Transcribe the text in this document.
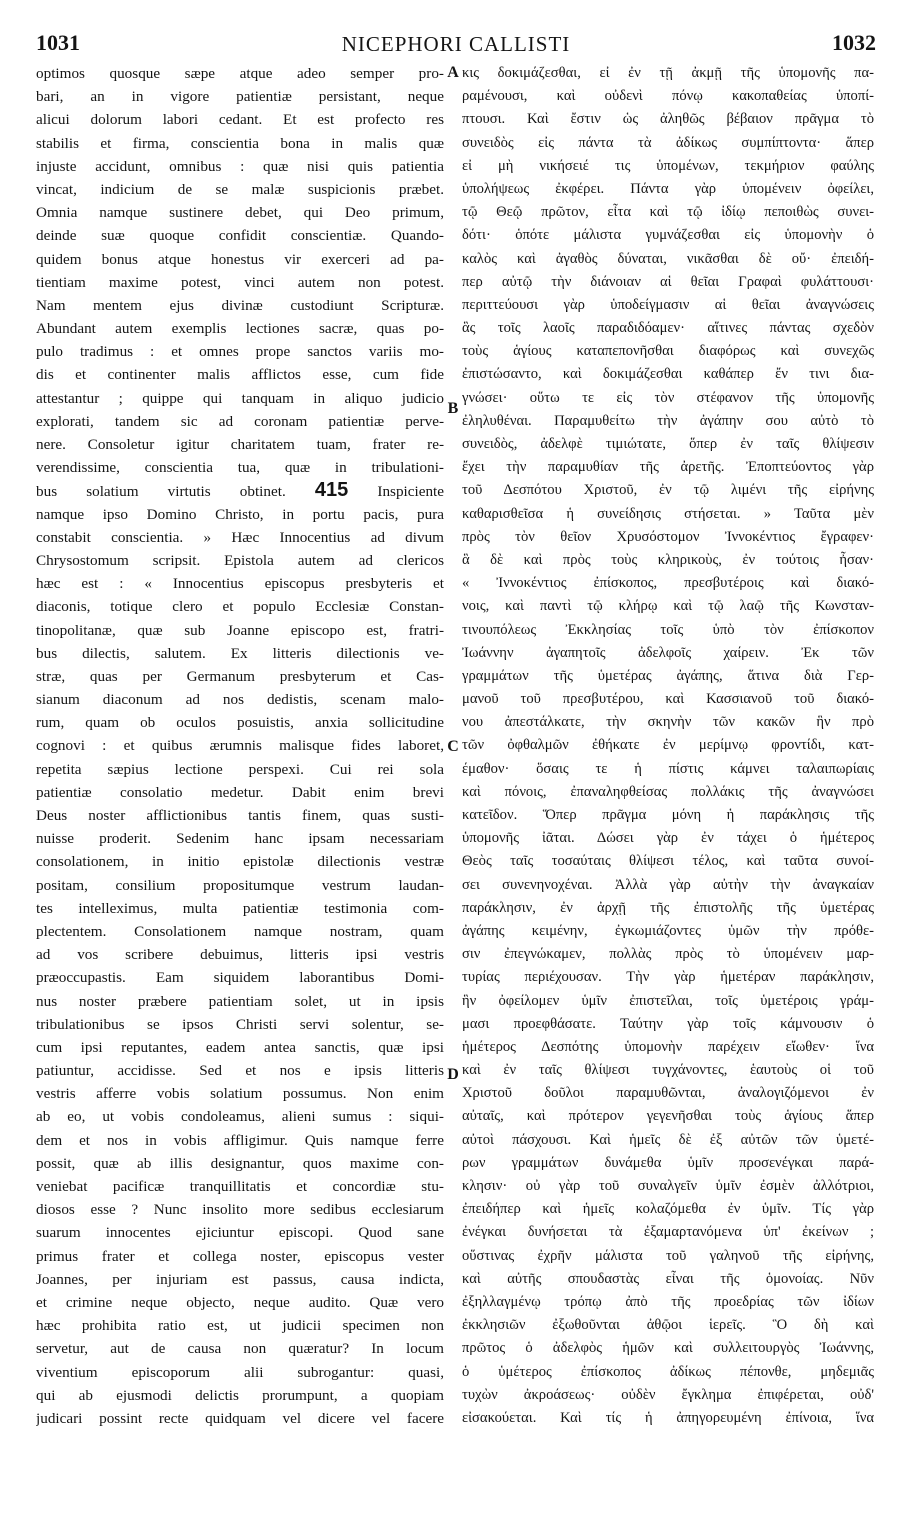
1031	NICEPHORI CALLISTI	1032
optimos quosque sæpe atque adeo semper pro-
bari, an in vigore patientiæ persistant, neque
alicui dolorum labori cedant. Et est profecto res
stabilis et firma, conscientia bona in malis quæ
injuste accidunt, omnibus : quæ nisi quis patientia
vincat, indicium de se malæ suspicionis præbet.
Omnia namque sustinere debet, qui Deo primum,
deinde suæ quoque confidit conscientiæ. Quando-
quidem bonus atque honestus vir exerceri ad pa-
tientiam maxime potest, vinci autem non potest.
Nam mentem ejus divinæ custodiunt Scripturæ.
Abundant autem exemplis lectiones sacræ, quas po-
pulo tradimus : et omnes prope sanctos variis mo-
dis et continenter malis afflictos esse, cum fide
attestantur ; quippe qui tanquam in aliquo judicio
explorati, tandem sic ad coronam patientiæ perve-
nere. Consoletur igitur charitatem tuam, frater re-
verendissime, conscientia tua, quæ in tribulationi-
bus solatium virtutis obtinet. 415 Inspiciente
namque ipso Domino Christo, in portu pacis, pura
constabit conscientia. » Hæc Innocentius ad divum
Chrysostomum scripsit. Epistola autem ad clericos
hæc est : « Innocentius episcopus presbyteris et
diaconis, totique clero et populo Ecclesiæ Constan-
tinopolitanæ, quæ sub Joanne episcopo est, fratri-
bus dilectis, salutem. Ex litteris dilectionis ve-
stræ, quas per Germanum presbyterum et Cas-
sianum diaconum ad nos dedistis, scenam malo-
rum, quam ob oculos posuistis, anxia sollicitudine
cognovi : et quibus ærumnis malisque fides laboret,
repetita sæpius lectione perspexi. Cui rei sola
patientiæ consolatio medetur. Dabit enim brevi
Deus noster afflictionibus tantis finem, quas susti-
nuisse proderit. Sedenim hanc ipsam necessariam
consolationem, in initio epistolæ dilectionis vestræ
positam, consilium propositumque vestrum laudan-
tes intelleximus, multa patientiæ testimonia com-
plectentem. Consolationem namque nostram, quam
ad vos scribere debuimus, litteris ipsi vestris
præoccupastis. Eam siquidem laborantibus Domi-
nus noster præbere patientiam solet, ut in ipsis
tribulationibus se ipsos Christi servi solentur, se-
cum ipsi reputantes, eadem antea sanctis, quæ ipsi
patiuntur, accidisse. Sed et nos e ipsis litteris
vestris afferre vobis solatium possumus. Non enim
ab eo, ut vobis condoleamus, alieni sumus : siqui-
dem et nos in vobis affligimur. Quis namque ferre
possit, quæ ab illis designantur, quos maxime con-
veniebat pacificæ tranquillitatis et concordiæ stu-
diosos esse ? Nunc insolito more sedibus ecclesiarum
suarum innocentes ejiciuntur episcopi. Quod sane
primus frater et collega noster, episcopus vester
Joannes, per injuriam est passus, causa indicta,
et crimine neque objecto, neque audito. Quæ vero
hæc prohibita ratio est, ut judicii specimen non
servetur, aut de causa non quæratur? In locum
viventium episcoporum alii subrogantur: quasi,
qui ab ejusmodi delictis prorumpunt, a quopiam
judicari possint recte quidquam vel dicere vel facere
κις δοκιμάζεσθαι, εἰ ἐν τῇ ἀκμῇ τῆς ὑπομονῆς πα-
ραμένουσι, καὶ οὐδενὶ πόνῳ κακοπαθείας ὑποπί-
πτουσι. Καὶ ἔστιν ὡς ἀληθῶς βέβαιον πρᾶγμα τὸ
συνειδὸς εἰς πάντα τὰ ἀδίκως συμπίπτοντα· ἅπερ
εἰ μὴ νικήσειέ τις ὑπομένων, τεκμήριον φαύλης
ὑπολήψεως ἐκφέρει. Πάντα γὰρ ὑπομένειν ὀφείλει,
τῷ Θεῷ πρῶτον, εἶτα καὶ τῷ ἰδίῳ πεποιθὼς συνει-
δότι· ὁπότε μάλιστα γυμνάζεσθαι εἰς ὑπομονὴν ὁ
καλὸς καὶ ἀγαθὸς δύναται, νικᾶσθαι δὲ οὔ· ἐπειδή-
περ αὐτῷ τὴν διάνοιαν αἱ θεῖαι Γραφαὶ φυλάττουσι·
περιττεύουσι γὰρ ὑποδείγμασιν αἱ θεῖαι ἀναγνώσεις
ἃς τοῖς λαοῖς παραδιδόαμεν· αἵτινες πάντας σχεδὸν
τοὺς ἁγίους καταπεπονῆσθαι διαφόρως καὶ συνεχῶς
ἐπιστώσαντο, καὶ δοκιμάζεσθαι καθάπερ ἔν τινι δια-
γνώσει· οὕτω τε εἰς τὸν στέφανον τῆς ὑπομονῆς
ἐληλυθέναι. Παραμυθείτω τὴν ἀγάπην σου αὐτὸ τὸ
συνειδὸς, ἀδελφὲ τιμιώτατε, ὅπερ ἐν ταῖς θλίψεσιν
ἔχει τὴν παραμυθίαν τῆς ἀρετῆς. Ἐποπτεύοντος γὰρ
τοῦ Δεσπότου Χριστοῦ, ἐν τῷ λιμένι τῆς εἰρήνης
καθαρισθεῖσα ἡ συνείδησις στήσεται. » Ταῦτα μὲν
πρὸς τὸν θεῖον Χρυσόστομον Ἰννοκέντιος ἔγραφεν·
ἃ δὲ καὶ πρὸς τοὺς κληρικοὺς, ἐν τούτοις ἦσαν·
« Ἰννοκέντιος ἐπίσκοπος, πρεσβυτέροις καὶ διακό-
νοις, καὶ παντὶ τῷ κλήρῳ καὶ τῷ λαῷ τῆς Κωνσταν-
τινουπόλεως Ἐκκλησίας τοῖς ὑπὸ τὸν ἐπίσκοπον
Ἰωάννην ἀγαπητοῖς ἀδελφοῖς χαίρειν. Ἐκ τῶν
γραμμάτων τῆς ὑμετέρας ἀγάπης, ἅτινα διὰ Γερ-
μανοῦ τοῦ πρεσβυτέρου, καὶ Κασσιανοῦ τοῦ διακό-
νου ἀπεστάλκατε, τὴν σκηνὴν τῶν κακῶν ἣν πρὸ
τῶν ὀφθαλμῶν ἐθήκατε ἐν μερίμνῳ φροντίδι, κατ-
έμαθον· ὅσαις τε ἡ πίστις κάμνει ταλαιπωρίαις
καὶ πόνοις, ἐπαναληφθείσας πολλάκις τῆς ἀναγνώσει
κατεῖδον. Ὅπερ πρᾶγμα μόνη ἡ παράκλησις τῆς
ὑπομονῆς ἰᾶται. Δώσει γὰρ ἐν τάχει ὁ ἡμέτερος
Θεὸς ταῖς τοσαύταις θλίψεσι τέλος, καὶ ταῦτα συνοί-
σει συνενηνοχέναι. Ἀλλὰ γὰρ αὐτὴν τὴν ἀναγκαίαν
παράκλησιν, ἐν ἀρχῇ τῆς ἐπιστολῆς τῆς ὑμετέρας
ἀγάπης κειμένην, ἐγκωμιάζοντες ὑμῶν τὴν πρόθε-
σιν ἐπεγνώκαμεν, πολλὰς πρὸς τὸ ὑπομένειν μαρ-
τυρίας περιέχουσαν. Τὴν γὰρ ἡμετέραν παράκλησιν,
ἣν ὀφείλομεν ὑμῖν ἐπιστεῖλαι, τοῖς ὑμετέροις γράμ-
μασι προεφθάσατε. Ταύτην γὰρ τοῖς κάμνουσιν ὁ
ἡμέτερος Δεσπότης ὑπομονὴν παρέχειν εἴωθεν· ἵνα
καὶ ἐν ταῖς θλίψεσι τυγχάνοντες, ἑαυτοὺς οἱ τοῦ
Χριστοῦ δοῦλοι παραμυθῶνται, ἀναλογιζόμενοι ἐν
αὐταῖς, καὶ πρότερον γεγενῆσθαι τοὺς ἁγίους ἅπερ
αὐτοὶ πάσχουσι. Καὶ ἡμεῖς δὲ ἐξ αὐτῶν τῶν ὑμετέ-
ρων γραμμάτων δυνάμεθα ὑμῖν προσενέγκαι παρά-
κλησιν· οὐ γὰρ τοῦ συναλγεῖν ὑμῖν ἐσμὲν ἀλλότριοι,
ἐπειδήπερ καὶ ἡμεῖς κολαζόμεθα ἐν ὑμῖν. Τίς γὰρ
ἐνέγκαι δυνήσεται τὰ ἐξαμαρτανόμενα ὑπ' ἐκείνων ;
οὕστινας ἐχρῆν μάλιστα τοῦ γαληνοῦ τῆς εἰρήνης,
καὶ αὐτῆς σπουδαστὰς εἶναι τῆς ὁμονοίας. Νῦν
ἐξηλλαγμένῳ τρόπῳ ἀπὸ τῆς προεδρίας τῶν ἰδίων
ἐκκλησιῶν ἐξωθοῦνται ἀθῷοι ἱερεῖς. Ὃ δὴ καὶ
πρῶτος ὁ ἀδελφὸς ἡμῶν καὶ συλλειτουργὸς Ἰωάννης,
ὁ ὑμέτερος ἐπίσκοπος ἀδίκως πέπονθε, μηδεμιᾶς
τυχὼν ἀκροάσεως· οὐδὲν ἔγκλημα ἐπιφέρεται, οὐδ'
εἰσακούεται. Καὶ τίς ἡ ἀπηγορευμένη ἐπίνοια, ἵνα
A
B
C
D
